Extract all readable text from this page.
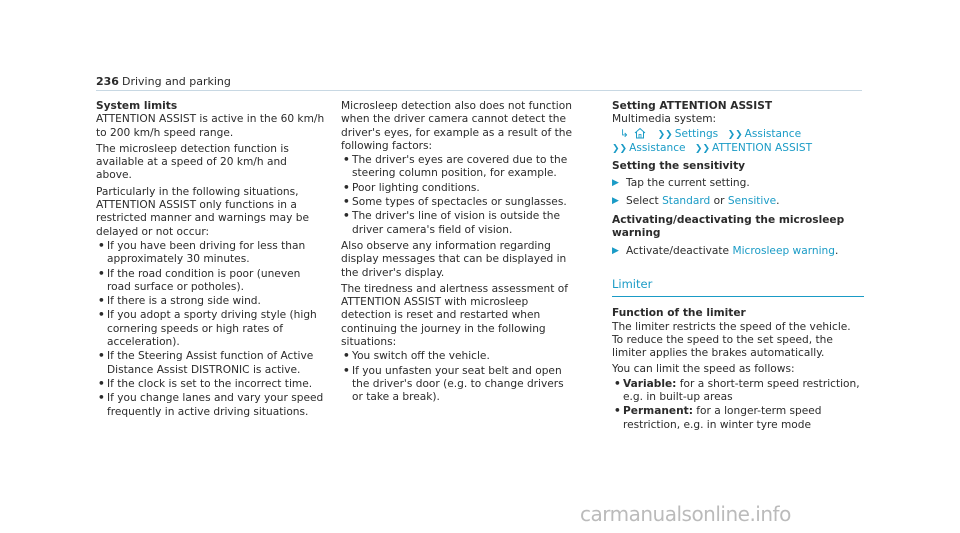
236 Driving and parking
System limits

ATTENTION ASSIST is active in the 60 km/h to 200 km/h speed range.

The microsleep detection function is available at a speed of 20 km/h and above.

Particularly in the following situations, ATTENTION ASSIST only functions in a restricted manner and warnings may be delayed or not occur:

• If you have been driving for less than approximately 30 minutes.
• If the road condition is poor (uneven road surface or potholes).
• If there is a strong side wind.
• If you adopt a sporty driving style (high cornering speeds or high rates of acceleration).
• If the Steering Assist function of Active Distance Assist DISTRONIC is active.
• If the clock is set to the incorrect time.
• If you change lanes and vary your speed frequently in active driving situations.

Microsleep detection also does not function when the driver camera cannot detect the driver's eyes, for example as a result of the following factors:

• The driver's eyes are covered due to the steering column position, for example.
• Poor lighting conditions.
• Some types of spectacles or sunglasses.
• The driver's line of vision is outside the driver camera's field of vision.

Also observe any information regarding display messages that can be displayed in the driver's display.

The tiredness and alertness assessment of ATTENTION ASSIST with microsleep detection is reset and restarted when continuing the journey in the following situations:

• You switch off the vehicle.
• If you unfasten your seat belt and open the driver's door (e.g. to change drivers or take a break).
Setting ATTENTION ASSIST

Multimedia system:

↳	❯❯ Settings ❯❯ Assistance

❯❯ Assistance ❯❯ ATTENTION ASSIST

Setting the sensitivity

▶ Tap the current setting.

▶ Select Standard or Sensitive.

Activating/deactivating the microsleep warning

▶ Activate/deactivate Microsleep warning.

Limiter
Function of the limiter

The limiter restricts the speed of the vehicle. To reduce the speed to the set speed, the limiter applies the brakes automatically.

You can limit the speed as follows:

• Variable: for a short-term speed restriction, e.g. in built-up areas
• Permanent: for a longer-term speed restriction, e.g. in winter tyre mode
carmanualsonline.info
